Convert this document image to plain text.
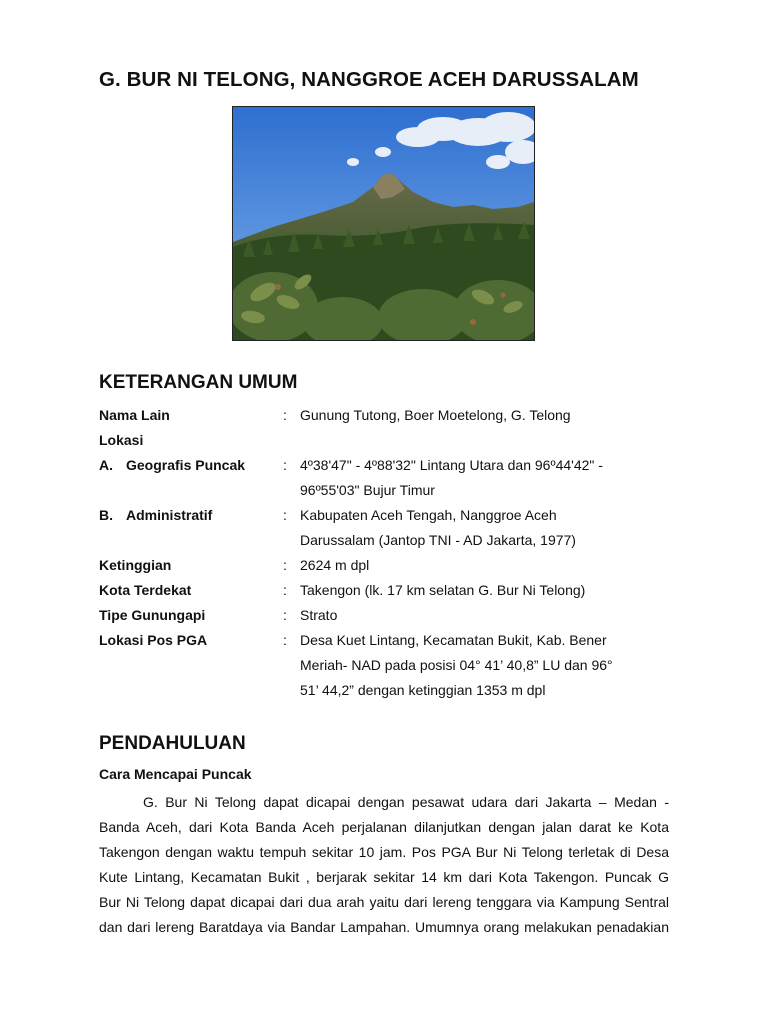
G. BUR NI TELONG, NANGGROE ACEH DARUSSALAM
KETERANGAN UMUM
Nama Lain	: Gunung Tutong, Boer Moetelong, G. Telong
Lokasi
A. Geografis Puncak	: 4º38'47" - 4º88'32" Lintang Utara dan 96º44'42" -
96º55'03" Bujur Timur
B. Administratif	: Kabupaten Aceh Tengah, Nanggroe Aceh
Darussalam (Jantop TNI - AD Jakarta, 1977)
Ketinggian	: 2624 m dpl
Kota Terdekat	: Takengon (lk. 17 km selatan G. Bur Ni Telong)
Tipe Gunungapi	: Strato
Lokasi Pos PGA	: Desa Kuet Lintang, Kecamatan Bukit, Kab. Bener
Meriah- NAD pada posisi 04° 41’ 40,8” LU dan 96°
51’ 44,2” dengan ketinggian 1353 m dpl
PENDAHULUAN
Cara Mencapai Puncak
G. Bur Ni Telong dapat dicapai dengan pesawat udara dari Jakarta – Medan -
Banda Aceh, dari Kota Banda Aceh perjalanan dilanjutkan dengan jalan darat ke Kota
Takengon dengan waktu tempuh sekitar 10 jam. Pos PGA Bur Ni Telong terletak di Desa
Kute Lintang, Kecamatan Bukit , berjarak sekitar 14 km dari Kota Takengon. Puncak G
Bur Ni Telong dapat dicapai dari dua arah yaitu dari lereng tenggara via Kampung Sentral
dan dari lereng Baratdaya via Bandar Lampahan. Umumnya orang melakukan penadakian
